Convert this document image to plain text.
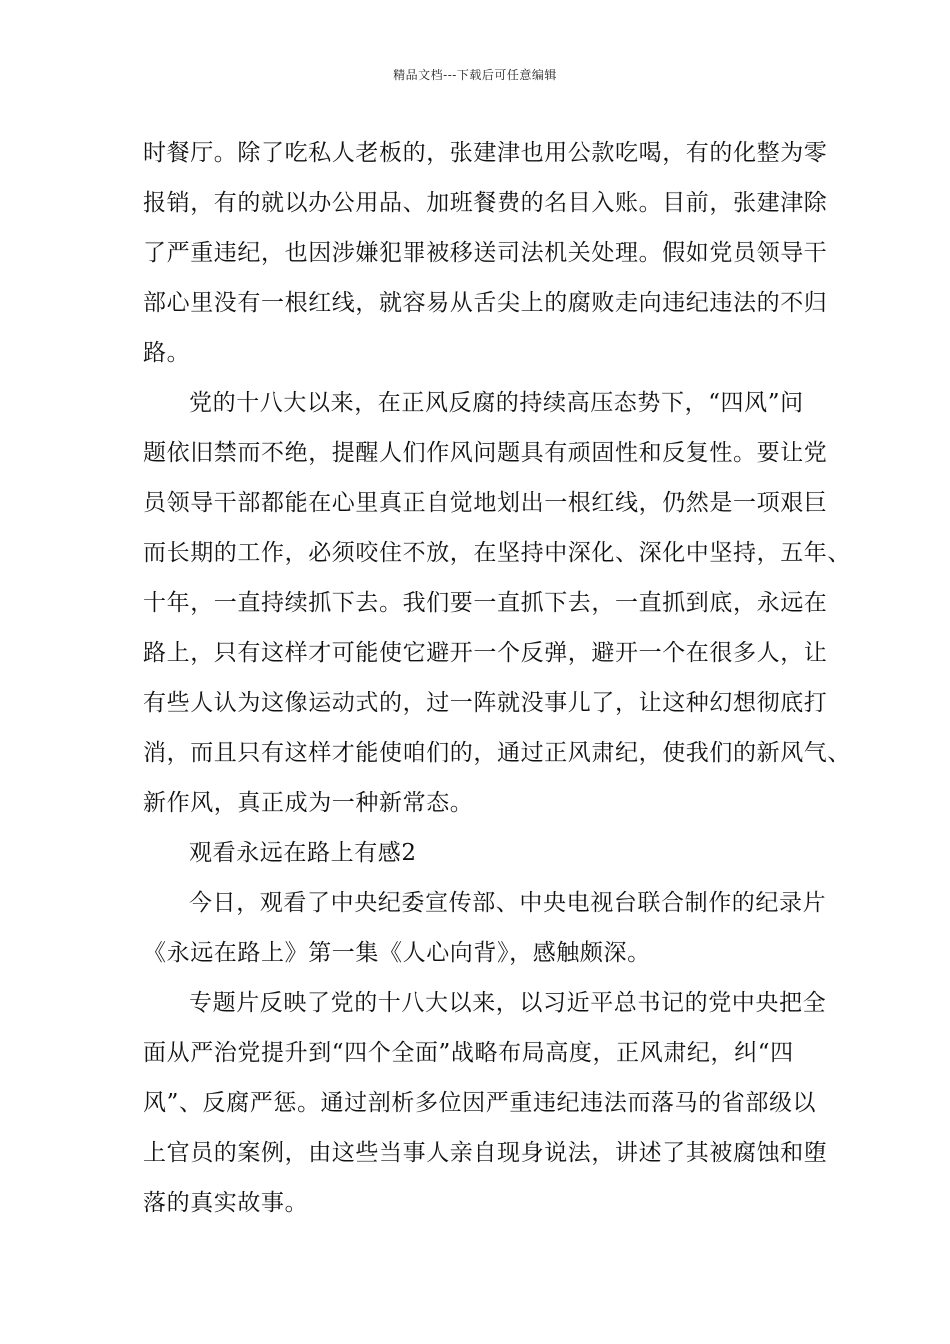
精品文档---下载后可任意编辑
时餐厅。除了吃私人老板的，张建津也用公款吃喝，有的化整为零
报销，有的就以办公用品、加班餐费的名目入账。目前，张建津除
了严重违纪，也因涉嫌犯罪被移送司法机关处理。假如党员领导干
部心里没有一根红线，就容易从舌尖上的腐败走向违纪违法的不归
路。
党的十八大以来，在正风反腐的持续高压态势下，“四风”问
题依旧禁而不绝，提醒人们作风问题具有顽固性和反复性。要让党
员领导干部都能在心里真正自觉地划出一根红线，仍然是一项艰巨
而长期的工作，必须咬住不放，在坚持中深化、深化中坚持，五年、
十年，一直持续抓下去。我们要一直抓下去，一直抓到底，永远在
路上，只有这样才可能使它避开一个反弹，避开一个在很多人，让
有些人认为这像运动式的，过一阵就没事儿了，让这种幻想彻底打
消，而且只有这样才能使咱们的，通过正风肃纪，使我们的新风气、
新作风，真正成为一种新常态。
观看永远在路上有感2
今日，观看了中央纪委宣传部、中央电视台联合制作的纪录片
《永远在路上》第一集《人心向背》，感触颇深。
专题片反映了党的十八大以来，以习近平总书记的党中央把全
面从严治党提升到“四个全面”战略布局高度，正风肃纪，纠“四
风”、反腐严惩。通过剖析多位因严重违纪违法而落马的省部级以
上官员的案例，由这些当事人亲自现身说法，讲述了其被腐蚀和堕
落的真实故事。
